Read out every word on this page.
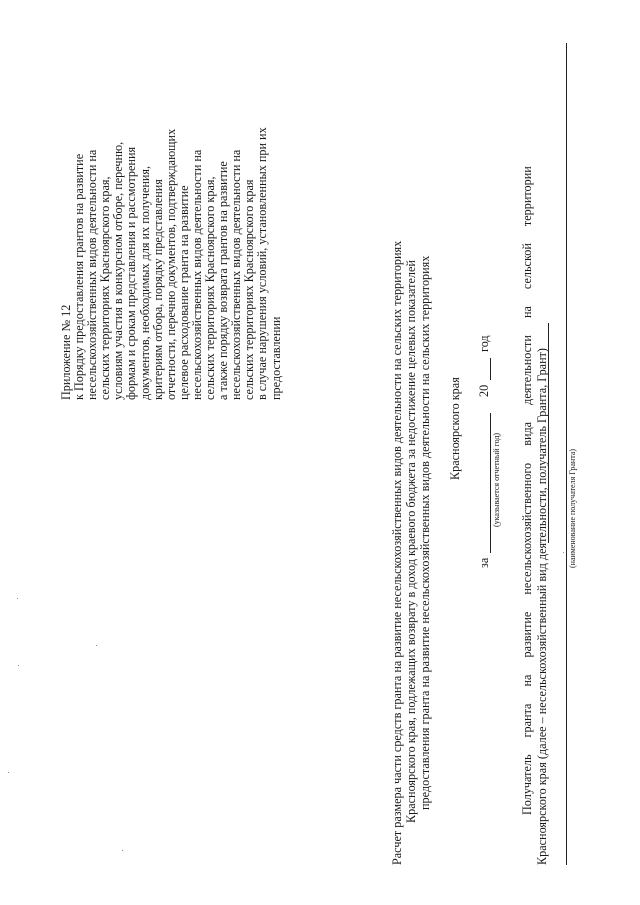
Приложение № 12 к Порядку предоставления грантов на развитие несельскохозяйственных видов деятельности на сельских территориях Красноярского края, условиям участия в конкурсном отборе, перечню, формам и срокам представления и рассмотрения документов, необходимых для их получения, критериям отбора, порядку представления отчетности, перечню документов, подтверждающих целевое расходование гранта на развитие несельскохозяйственных видов деятельности на сельских территориях Красноярского края, а также порядку возврата грантов на развитие несельскохозяйственных видов деятельности на сельских территориях Красноярского края в случае нарушения условий, установленных при их предоставлении	Расчет размера части средств гранта на развитие несельскохозяйственных видов деятельности на сельских территориях Красноярского края, подлежащих возврату в доход краевого бюджета за недостижение целевых показателей предоставления гранта на развитие несельскохозяйственных видов деятельности на сельских территориях Красноярского края
за
(указывается отчетный год)
20
год Получатель гранта на развитие несельскохозяйственного вида деятельности на сельской территории Красноярского края (далее – несельскохозяйственный вид деятельности, получатель Гранта, Грант) (наименование получателя Гранта)
